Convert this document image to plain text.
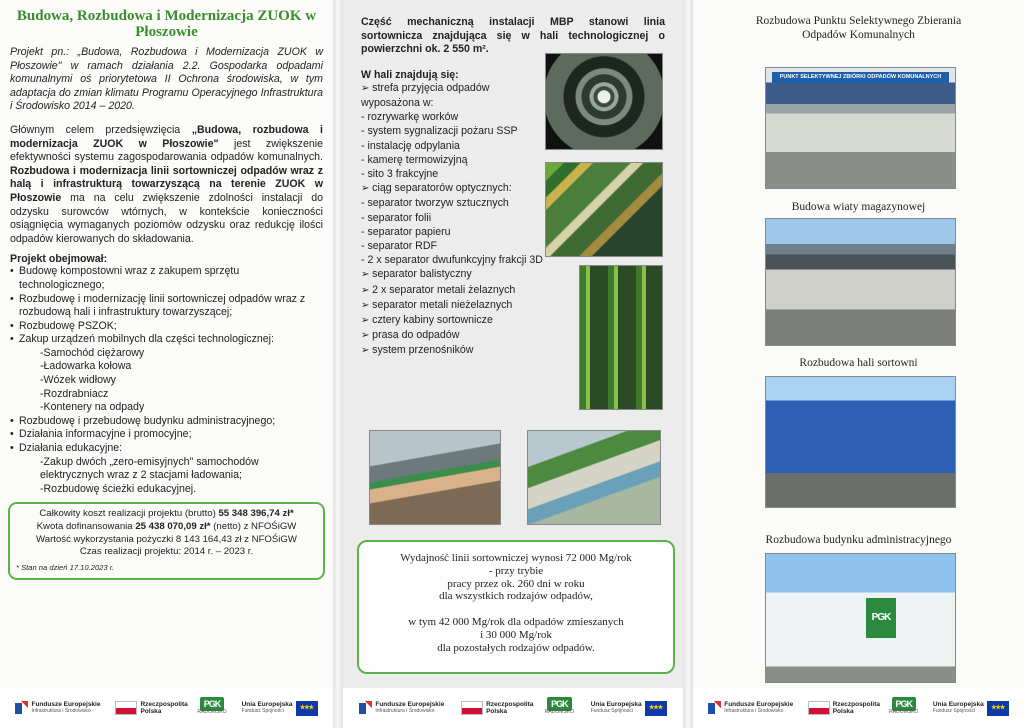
Budowa, Rozbudowa i Modernizacja ZUOK w Płoszowie

Projekt pn.: „Budowa, Rozbudowa i Modernizacja ZUOK w Płoszowie" w ramach działania 2.2. Gospodarka odpadami komunalnymi oś priorytetowa II Ochrona środowiska, w tym adaptacja do zmian klimatu Programu Operacyjnego Infrastruktura i Środowisko 2014 – 2020.

Głównym celem przedsięwzięcia „Budowa, rozbudowa i modernizacja ZUOK w Płoszowie" jest zwiększenie efektywności systemu zagospodarowania odpadów komunalnych. Rozbudowa i modernizacja linii sortowniczej odpadów wraz z halą i infrastrukturą towarzyszącą na terenie ZUOK w Płoszowie ma na celu zwiększenie zdolności instalacji do odzysku surowców wtórnych, w kontekście konieczności osiągnięcia wymaganych poziomów odzysku oraz redukcję ilości odpadów kierowanych do składowania.

Projekt obejmował:
• Budowę kompostowni wraz z zakupem sprzętu technologicznego;
• Rozbudowę i modernizację linii sortowniczej odpadów wraz z rozbudową hali i infrastruktury towarzyszącej;
• Rozbudowę PSZOK;
• Zakup urządzeń mobilnych dla części technologicznej:
- Samochód ciężarowy
- Ładowarka kołowa
- Wózek widłowy
- Rozdrabniacz
- Kontenery na odpady
• Rozbudowę i przebudowę budynku administracyjnego;
• Działania informacyjne i promocyjne;
• Działania edukacyjne:
- Zakup dwóch „zero-emisyjnych" samochodów elektrycznych wraz z 2 stacjami ładowania;
- Rozbudowę ścieżki edukacyjnej.
Całkowity koszt realizacji projektu (brutto) 55 348 396,74 zł*
Kwota dofinansowania 25 438 070,09 zł* (netto) z NFOŚiGW
Wartość wykorzystania pożyczki 8 143 164,43 zł z NFOŚiGW
Czas realizacji projektu: 2014 r. – 2023 r.
* Stan na dzień 17.10.2023 r.
Fundusze Europejskie
Infrastruktura i Środowisko
Rzeczpospolita Polska
PGK
RADOMSKO
Unia Europejska
Fundusz Spójności
★★★

Część mechaniczną instalacji MBP stanowi linia sortownicza znajdująca się w hali technologicznej o powierzchni ok. 2 550 m².

W hali znajdują się:
➢ strefa przyjęcia odpadów
wyposażona w:
- rozrywarkę worków
- system sygnalizacji pożaru SSP
- instalację odpylania
- kamerę termowizyjną
- sito 3 frakcyjne
➢ ciąg separatorów optycznych:
- separator tworzyw sztucznych
- separator folii
- separator papieru
- separator RDF
- 2 x separator dwufunkcyjny frakcji 3D
➢ separator balistyczny
➢ 2 x separator metali żelaznych
➢ separator metali nieżelaznych
➢ cztery kabiny sortownicze
➢ prasa do odpadów
➢ system przenośników
Wydajność linii sortowniczej wynosi 72 000 Mg/rok
- przy trybie
pracy przez ok. 260 dni w roku
dla wszystkich rodzajów odpadów,
w tym 42 000 Mg/rok dla odpadów zmieszanych
i 30 000 Mg/rok
dla pozostałych rodzajów odpadów.
Fundusze Europejskie
Infrastruktura i Środowisko
Rzeczpospolita Polska
PGK
RADOMSKO
Unia Europejska
Fundusz Spójności
★★★
Rozbudowa Punktu Selektywnego Zbierania Odpadów Komunalnych
PUNKT SELEKTYWNEJ ZBIÓRKI ODPADÓW KOMUNALNYCH
Budowa wiaty magazynowej
Rozbudowa hali sortowni
Rozbudowa budynku administracyjnego
PGK
Fundusze Europejskie
Infrastruktura i Środowisko
Rzeczpospolita Polska
PGK
RADOMSKO
Unia Europejska
Fundusz Spójności
★★★
